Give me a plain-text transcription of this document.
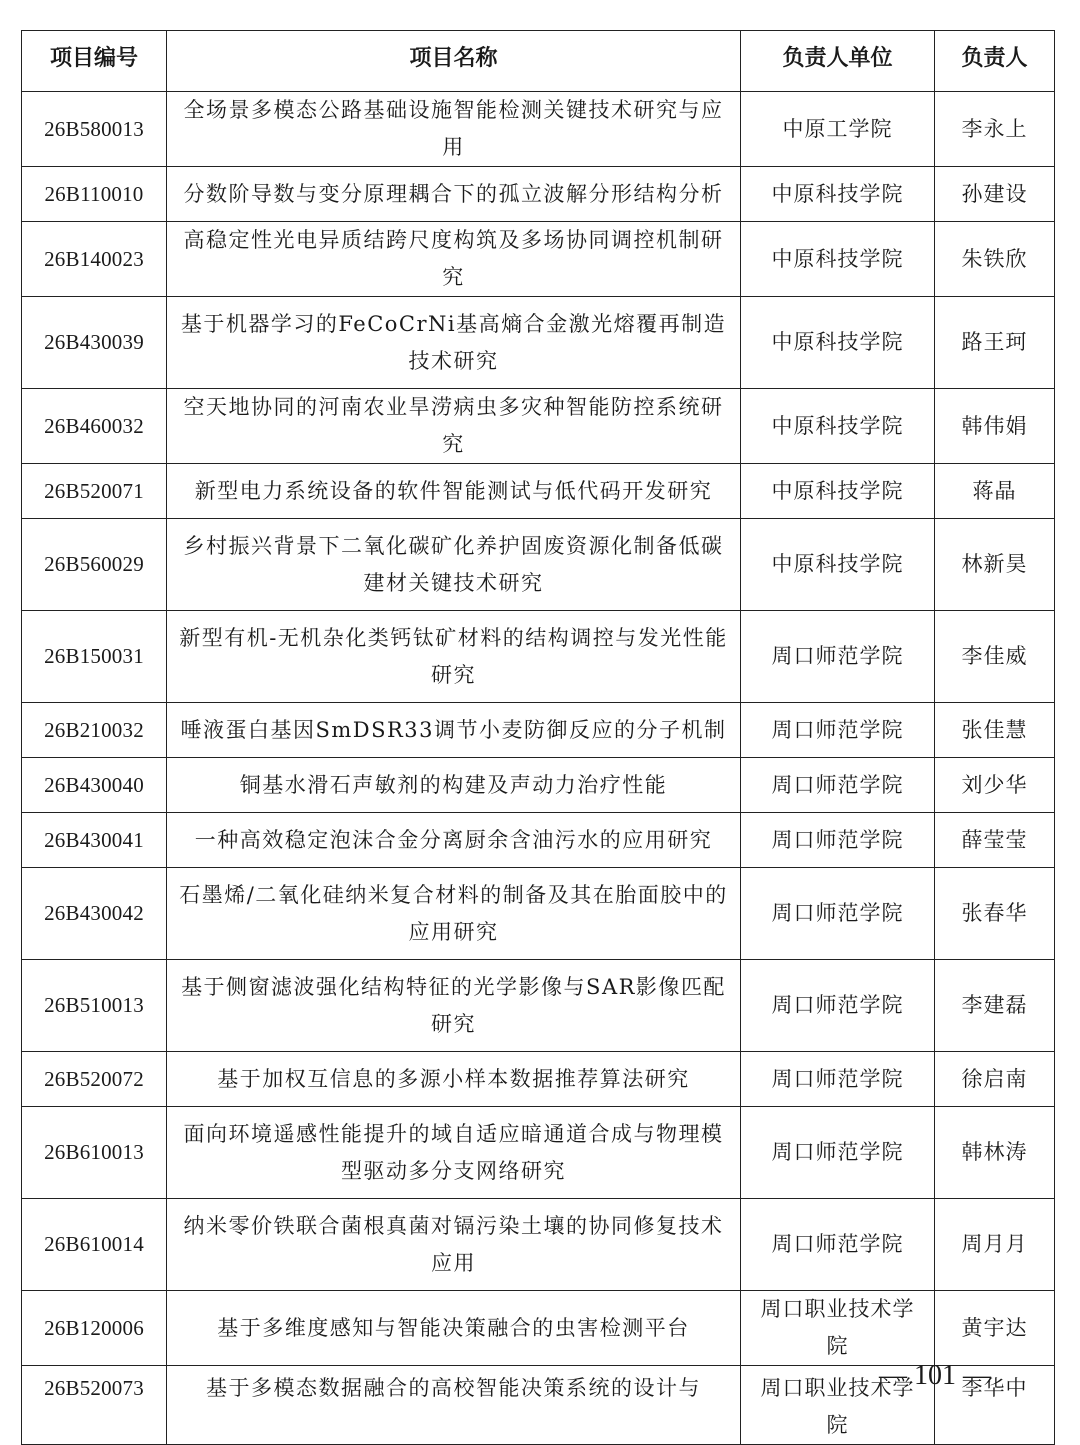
项目编号	项目名称	负责人单位	负责人
26B580013	全场景多模态公路基础设施智能检测关键技术研究与应用	中原工学院	李永上
26B110010	分数阶导数与变分原理耦合下的孤立波解分形结构分析	中原科技学院	孙建设
26B140023	高稳定性光电异质结跨尺度构筑及多场协同调控机制研究	中原科技学院	朱铁欣
26B430039	基于机器学习的FeCoCrNi基高熵合金激光熔覆再制造技术研究	中原科技学院	路王珂
26B460032	空天地协同的河南农业旱涝病虫多灾种智能防控系统研究	中原科技学院	韩伟娟
26B520071	新型电力系统设备的软件智能测试与低代码开发研究	中原科技学院	蒋晶
26B560029	乡村振兴背景下二氧化碳矿化养护固废资源化制备低碳建材关键技术研究	中原科技学院	林新昊
26B150031	新型有机-无机杂化类钙钛矿材料的结构调控与发光性能研究	周口师范学院	李佳威
26B210032	唾液蛋白基因SmDSR33调节小麦防御反应的分子机制	周口师范学院	张佳慧
26B430040	铜基水滑石声敏剂的构建及声动力治疗性能	周口师范学院	刘少华
26B430041	一种高效稳定泡沫合金分离厨余含油污水的应用研究	周口师范学院	薛莹莹
26B430042	石墨烯/二氧化硅纳米复合材料的制备及其在胎面胶中的应用研究	周口师范学院	张春华
26B510013	基于侧窗滤波强化结构特征的光学影像与SAR影像匹配研究	周口师范学院	李建磊
26B520072	基于加权互信息的多源小样本数据推荐算法研究	周口师范学院	徐启南
26B610013	面向环境遥感性能提升的域自适应暗通道合成与物理模型驱动多分支网络研究	周口师范学院	韩林涛
26B610014	纳米零价铁联合菌根真菌对镉污染土壤的协同修复技术应用	周口师范学院	周月月
26B120006	基于多维度感知与智能决策融合的虫害检测平台	周口职业技术学院	黄宇达
26B520073	基于多模态数据融合的高校智能决策系统的设计与	周口职业技术学院	李华中
— 101 —
